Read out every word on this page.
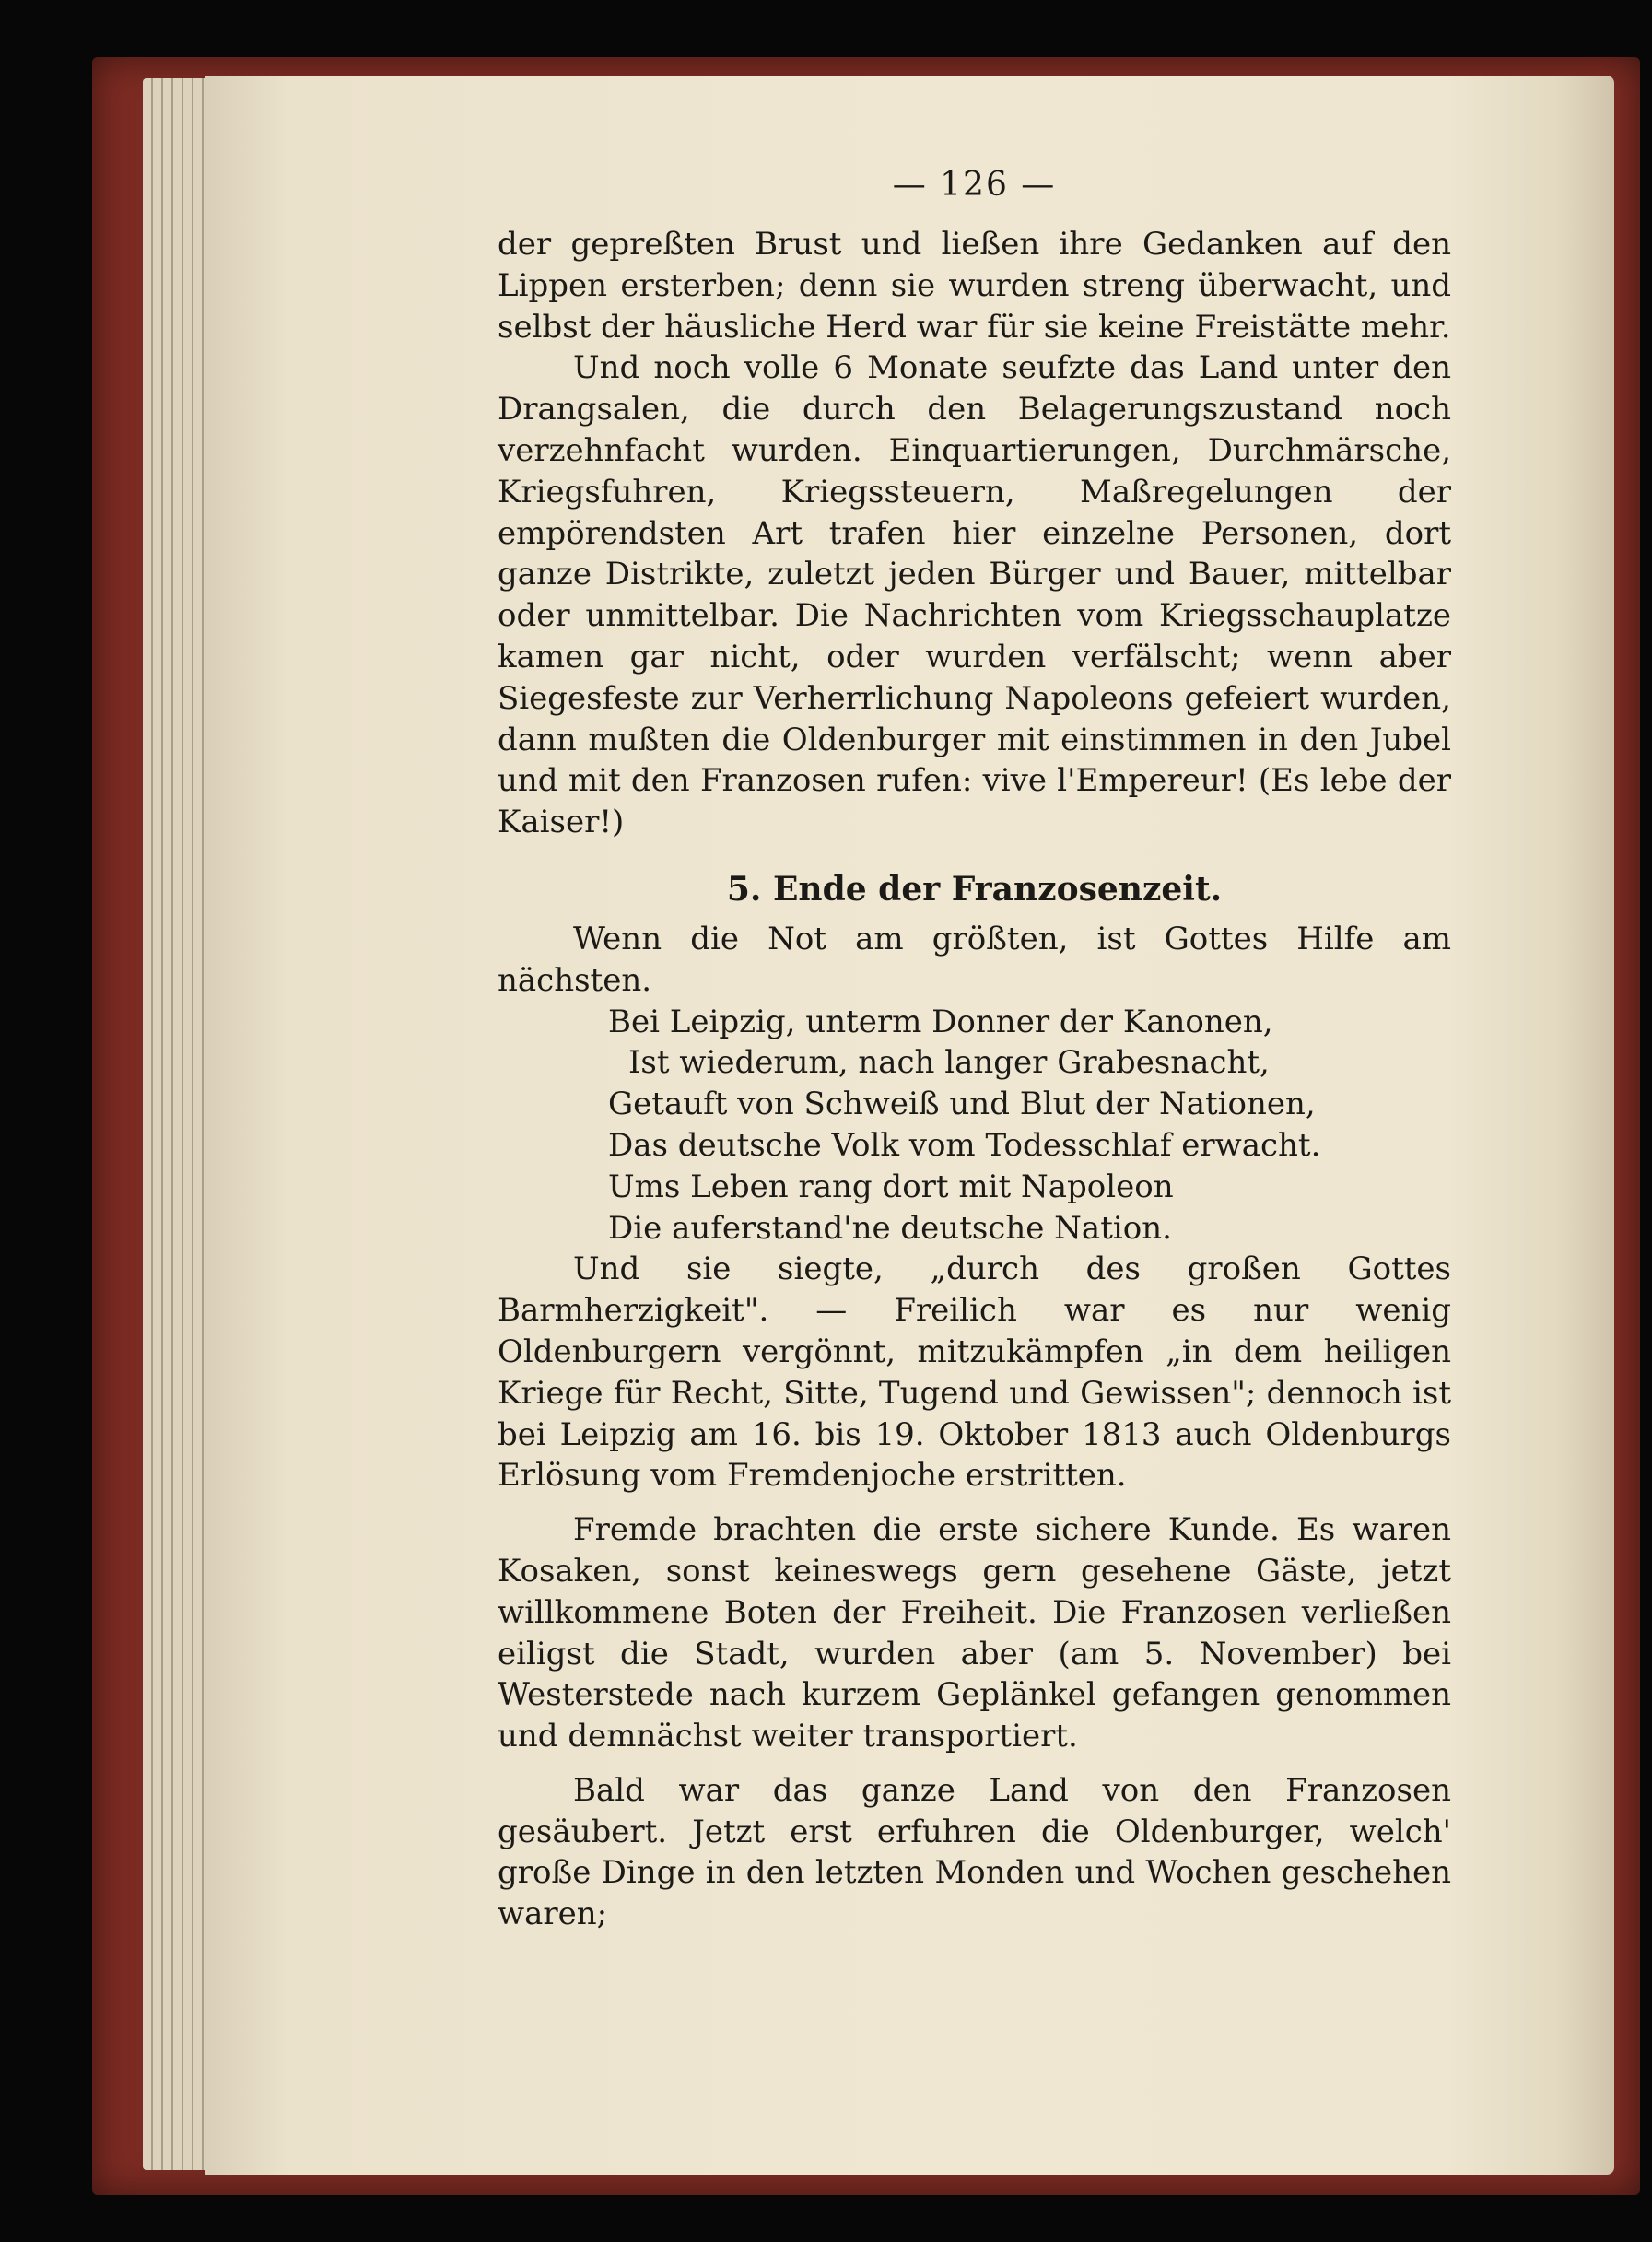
— 126 —

der gepreßten Brust und ließen ihre Gedanken auf den Lippen ersterben; denn sie wurden streng überwacht, und selbst der häusliche Herd war für sie keine Freistätte mehr.

Und noch volle 6 Monate seufzte das Land unter den Drangsalen, die durch den Belagerungszustand noch verzehnfacht wurden. Einquartierungen, Durchmärsche, Kriegsfuhren, Kriegssteuern, Maßregelungen der empörendsten Art trafen hier einzelne Personen, dort ganze Distrikte, zuletzt jeden Bürger und Bauer, mittelbar oder unmittelbar. Die Nachrichten vom Kriegsschauplatze kamen gar nicht, oder wurden verfälscht; wenn aber Siegesfeste zur Verherrlichung Napoleons gefeiert wurden, dann mußten die Oldenburger mit einstimmen in den Jubel und mit den Franzosen rufen: vive l'Empereur! (Es lebe der Kaiser!)

5. Ende der Franzosenzeit.

Wenn die Not am größten, ist Gottes Hilfe am nächsten.

Bei Leipzig, unterm Donner der Kanonen,
Ist wiederum, nach langer Grabesnacht,
Getauft von Schweiß und Blut der Nationen,
Das deutsche Volk vom Todesschlaf erwacht.
Ums Leben rang dort mit Napoleon
Die auferstand'ne deutsche Nation.

Und sie siegte, „durch des großen Gottes Barmherzigkeit". — Freilich war es nur wenig Oldenburgern vergönnt, mitzukämpfen „in dem heiligen Kriege für Recht, Sitte, Tugend und Gewissen"; dennoch ist bei Leipzig am 16. bis 19. Oktober 1813 auch Oldenburgs Erlösung vom Fremdenjoche erstritten.

Fremde brachten die erste sichere Kunde. Es waren Kosaken, sonst keineswegs gern gesehene Gäste, jetzt willkommene Boten der Freiheit. Die Franzosen verließen eiligst die Stadt, wurden aber (am 5. November) bei Westerstede nach kurzem Geplänkel gefangen genommen und demnächst weiter transportiert.

Bald war das ganze Land von den Franzosen gesäubert. Jetzt erst erfuhren die Oldenburger, welch' große Dinge in den letzten Monden und Wochen geschehen waren;
